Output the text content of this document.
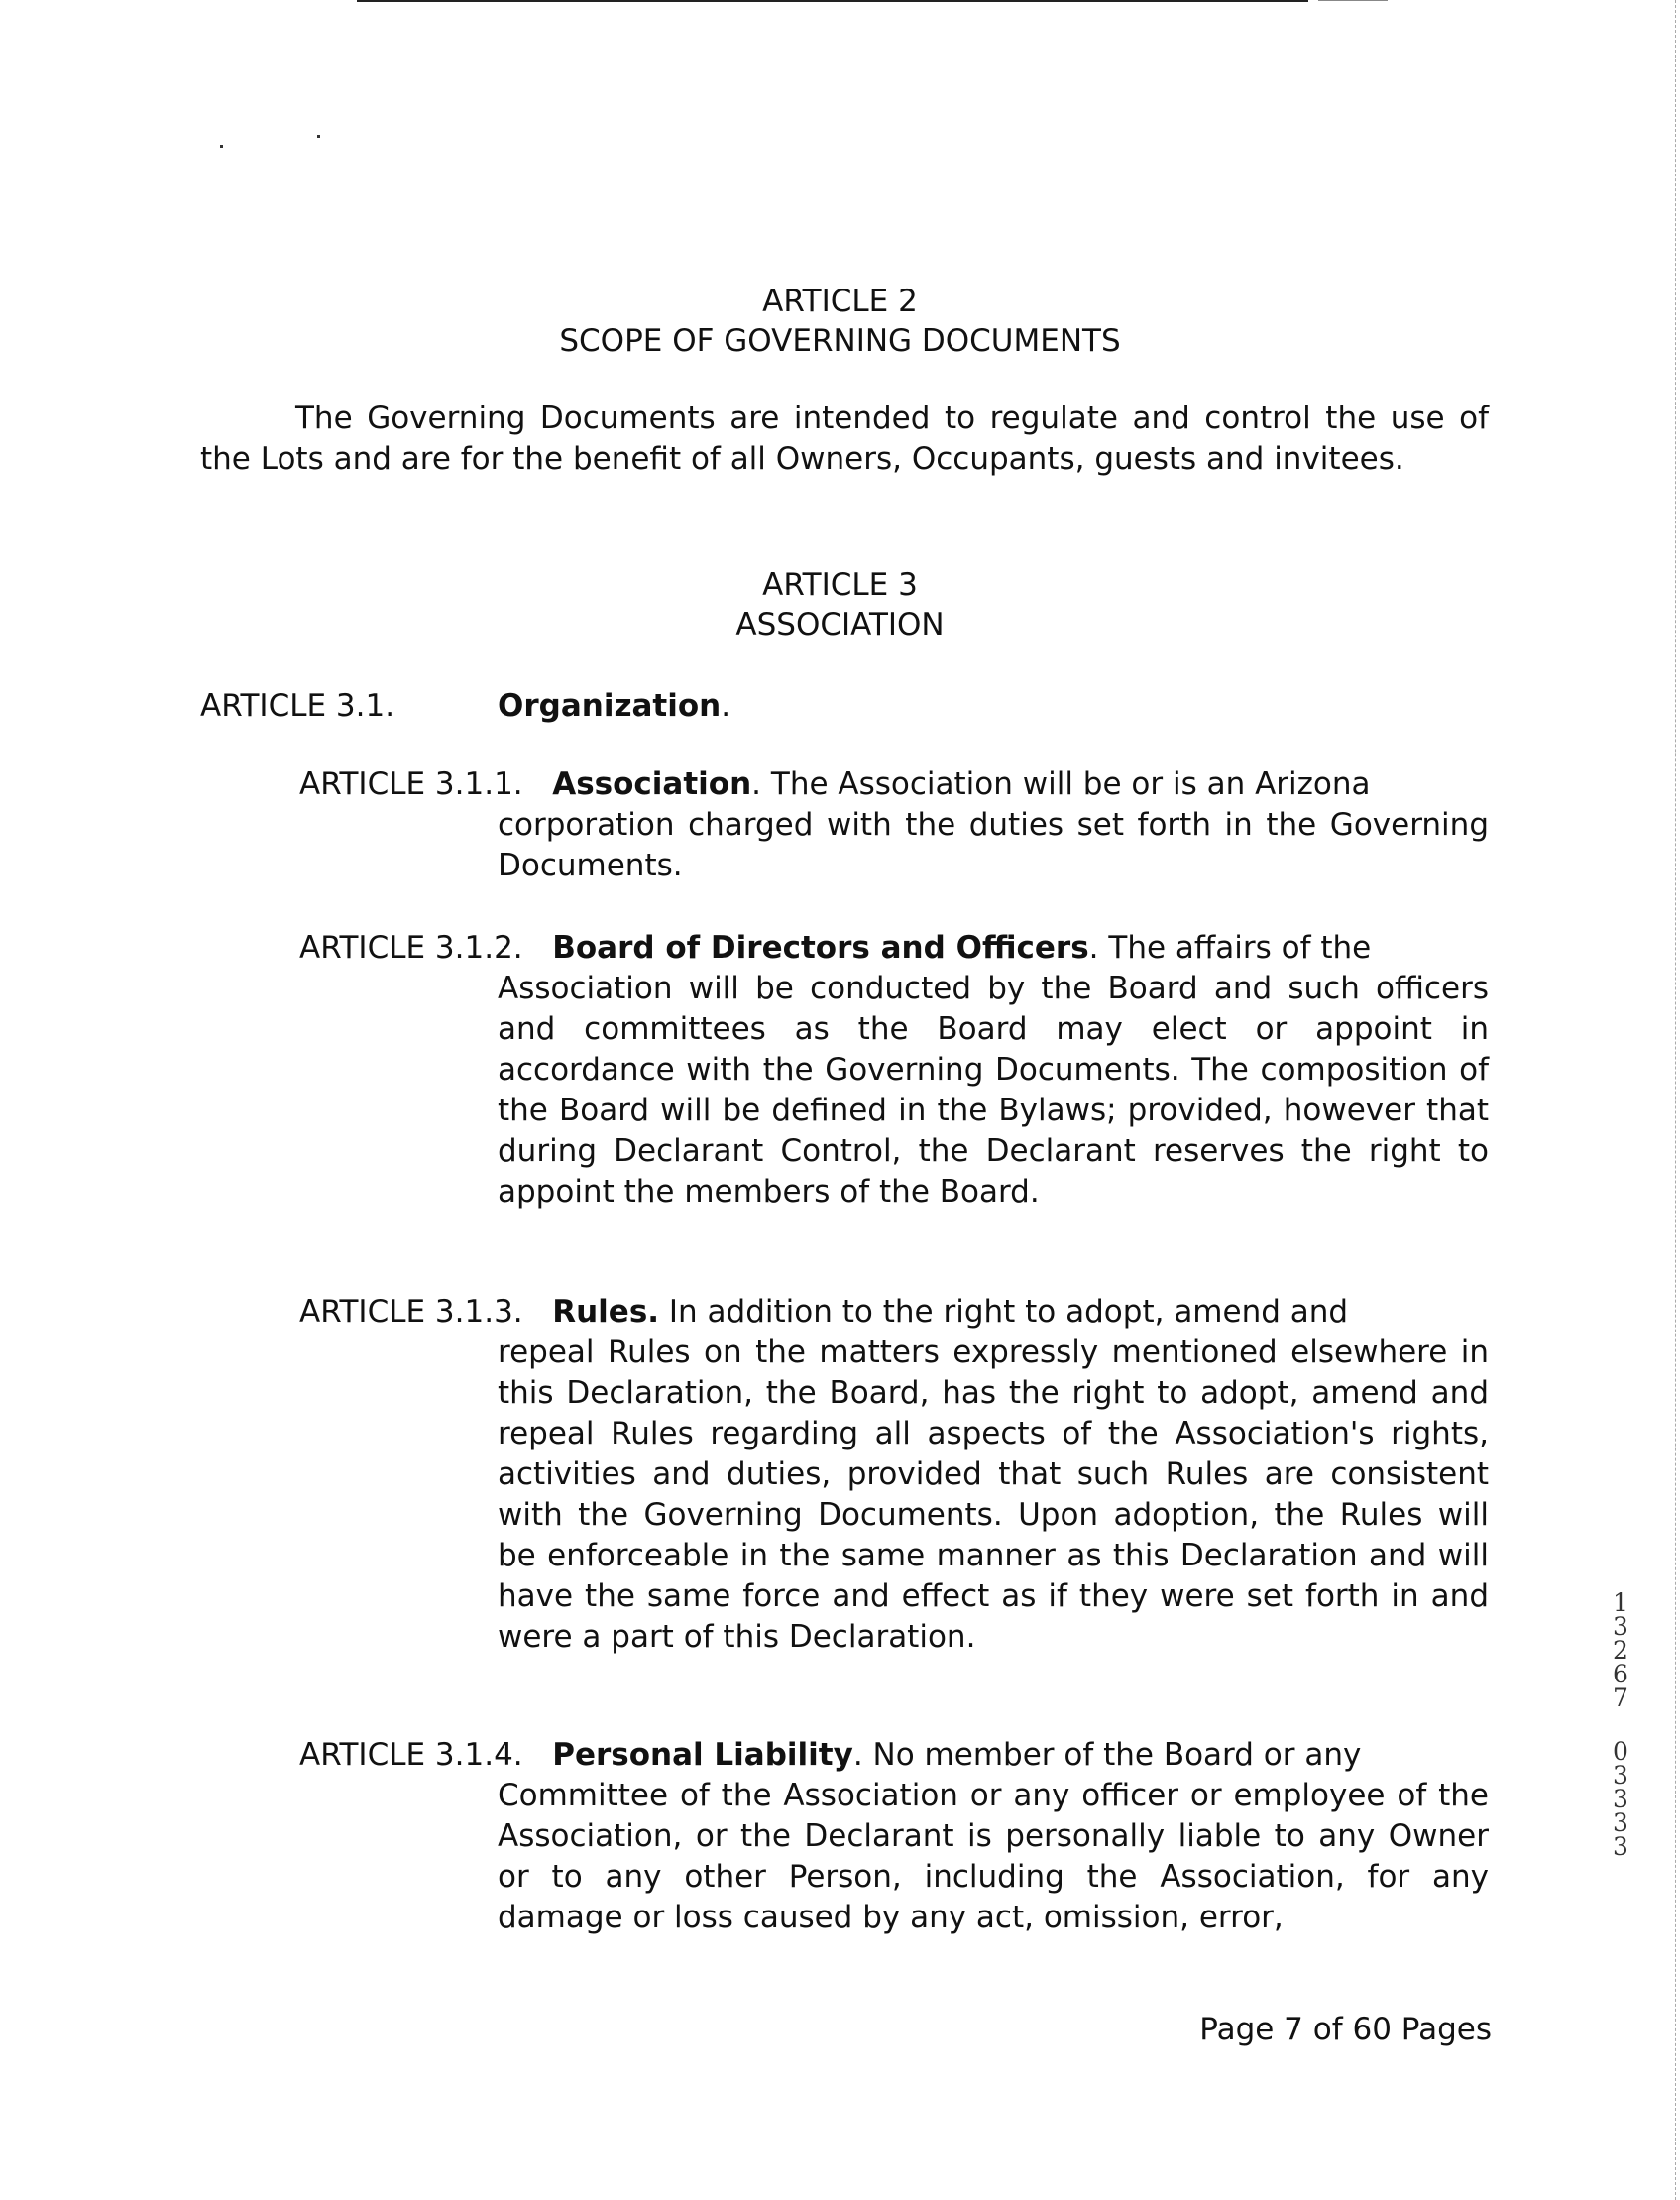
ARTICLE 2
SCOPE OF GOVERNING DOCUMENTS

The Governing Documents are intended to regulate and control the use of the Lots and are for the benefit of all Owners, Occupants, guests and invitees.

ARTICLE 3
ASSOCIATION
ARTICLE 3.1.	Organization.
ARTICLE 3.1.1. Association. The Association will be or is an Arizona

corporation charged with the duties set forth in the Governing Documents.

ARTICLE 3.1.2. Board of Directors and Officers. The affairs of the

Association will be conducted by the Board and such officers and committees as the Board may elect or appoint in accordance with the Governing Documents. The composition of the Board will be defined in the Bylaws; provided, however that during Declarant Control, the Declarant reserves the right to appoint the members of the Board.

ARTICLE 3.1.3. Rules. In addition to the right to adopt, amend and

repeal Rules on the matters expressly mentioned elsewhere in this Declaration, the Board, has the right to adopt, amend and repeal Rules regarding all aspects of the Association's rights, activities and duties, provided that such Rules are consistent with the Governing Documents. Upon adoption, the Rules will be enforceable in the same manner as this Declaration and will have the same force and effect as if they were set forth in and were a part of this Declaration.

ARTICLE 3.1.4. Personal Liability. No member of the Board or any

Committee of the Association or any officer or employee of the Association, or the Declarant is personally liable to any Owner or to any other Person, including the Association, for any damage or loss caused by any act, omission, error,

Page 7 of 60 Pages
1
3
2
6
7
0
3
3
3
3
